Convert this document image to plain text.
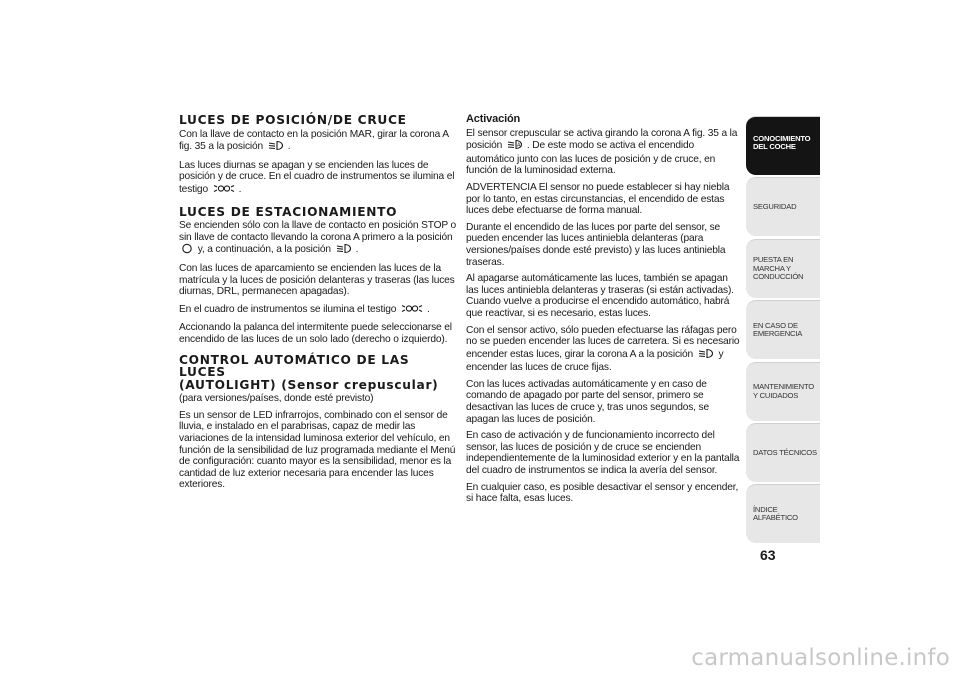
LUCES DE POSICIÓN/DE CRUCE

Con la llave de contacto en la posición MAR, girar la corona A fig. 35 a la posición .

Las luces diurnas se apagan y se encienden las luces de posición y de cruce. En el cuadro de instrumentos se ilumina el testigo	.

LUCES DE ESTACIONAMIENTO

Se encienden sólo con la llave de contacto en posición STOP o sin llave de contacto llevando la corona A primero a la posición  y, a continuación, a la posición .

Con las luces de aparcamiento se encienden las luces de la matrícula y la luces de posición delanteras y traseras (las luces diurnas, DRL, permanecen apagadas).

En el cuadro de instrumentos se ilumina el testigo	.

Accionando la palanca del intermitente puede seleccionarse el encendido de las luces de un solo lado (derecho o izquierdo).

CONTROL AUTOMÁTICO DE LAS LUCES
(AUTOLIGHT) (Sensor crepuscular)

(para versiones/países, donde esté previsto)

Es un sensor de LED infrarrojos, combinado con el sensor de lluvia, e instalado en el parabrisas, capaz de medir las variaciones de la intensidad luminosa exterior del vehículo, en función de la sensibilidad de luz programada mediante el Menú de configuración: cuanto mayor es la sensibilidad, menor es la cantidad de luz exterior necesaria para encender las luces exteriores.

Activación

El sensor crepuscular se activa girando la corona A fig. 35 a la posición	A . De este modo se activa el encendido automático junto con las luces de posición y de cruce, en función de la luminosidad externa.

ADVERTENCIA El sensor no puede establecer si hay niebla por lo tanto, en estas circunstancias, el encendido de estas luces debe efectuarse de forma manual.

Durante el encendido de las luces por parte del sensor, se pueden encender las luces antiniebla delanteras (para versiones/países donde esté previsto) y las luces antiniebla traseras.

Al apagarse automáticamente las luces, también se apagan las luces antiniebla delanteras y traseras (si están activadas). Cuando vuelve a producirse el encendido automático, habrá que reactivar, si es necesario, estas luces.

Con el sensor activo, sólo pueden efectuarse las ráfagas pero no se pueden encender las luces de carretera. Si es necesario encender estas luces, girar la corona A a la posición y encender las luces de cruce fijas.

Con las luces activadas automáticamente y en caso de comando de apagado por parte del sensor, primero se desactivan las luces de cruce y, tras unos segundos, se apagan las luces de posición.

En caso de activación y de funcionamiento incorrecto del sensor, las luces de posición y de cruce se encienden independientemente de la luminosidad exterior y en la pantalla del cuadro de instrumentos se indica la avería del sensor.

En cualquier caso, es posible desactivar el sensor y encender, si hace falta, esas luces.

CONOCIMIENTO DEL COCHE
SEGURIDAD
PUESTA EN MARCHA Y CONDUCCIÓN
EN CASO DE EMERGENCIA
MANTENIMIENTO Y CUIDADOS
DATOS TÉCNICOS
ÍNDICE ALFABÉTICO
63
carmanualsonline.info
